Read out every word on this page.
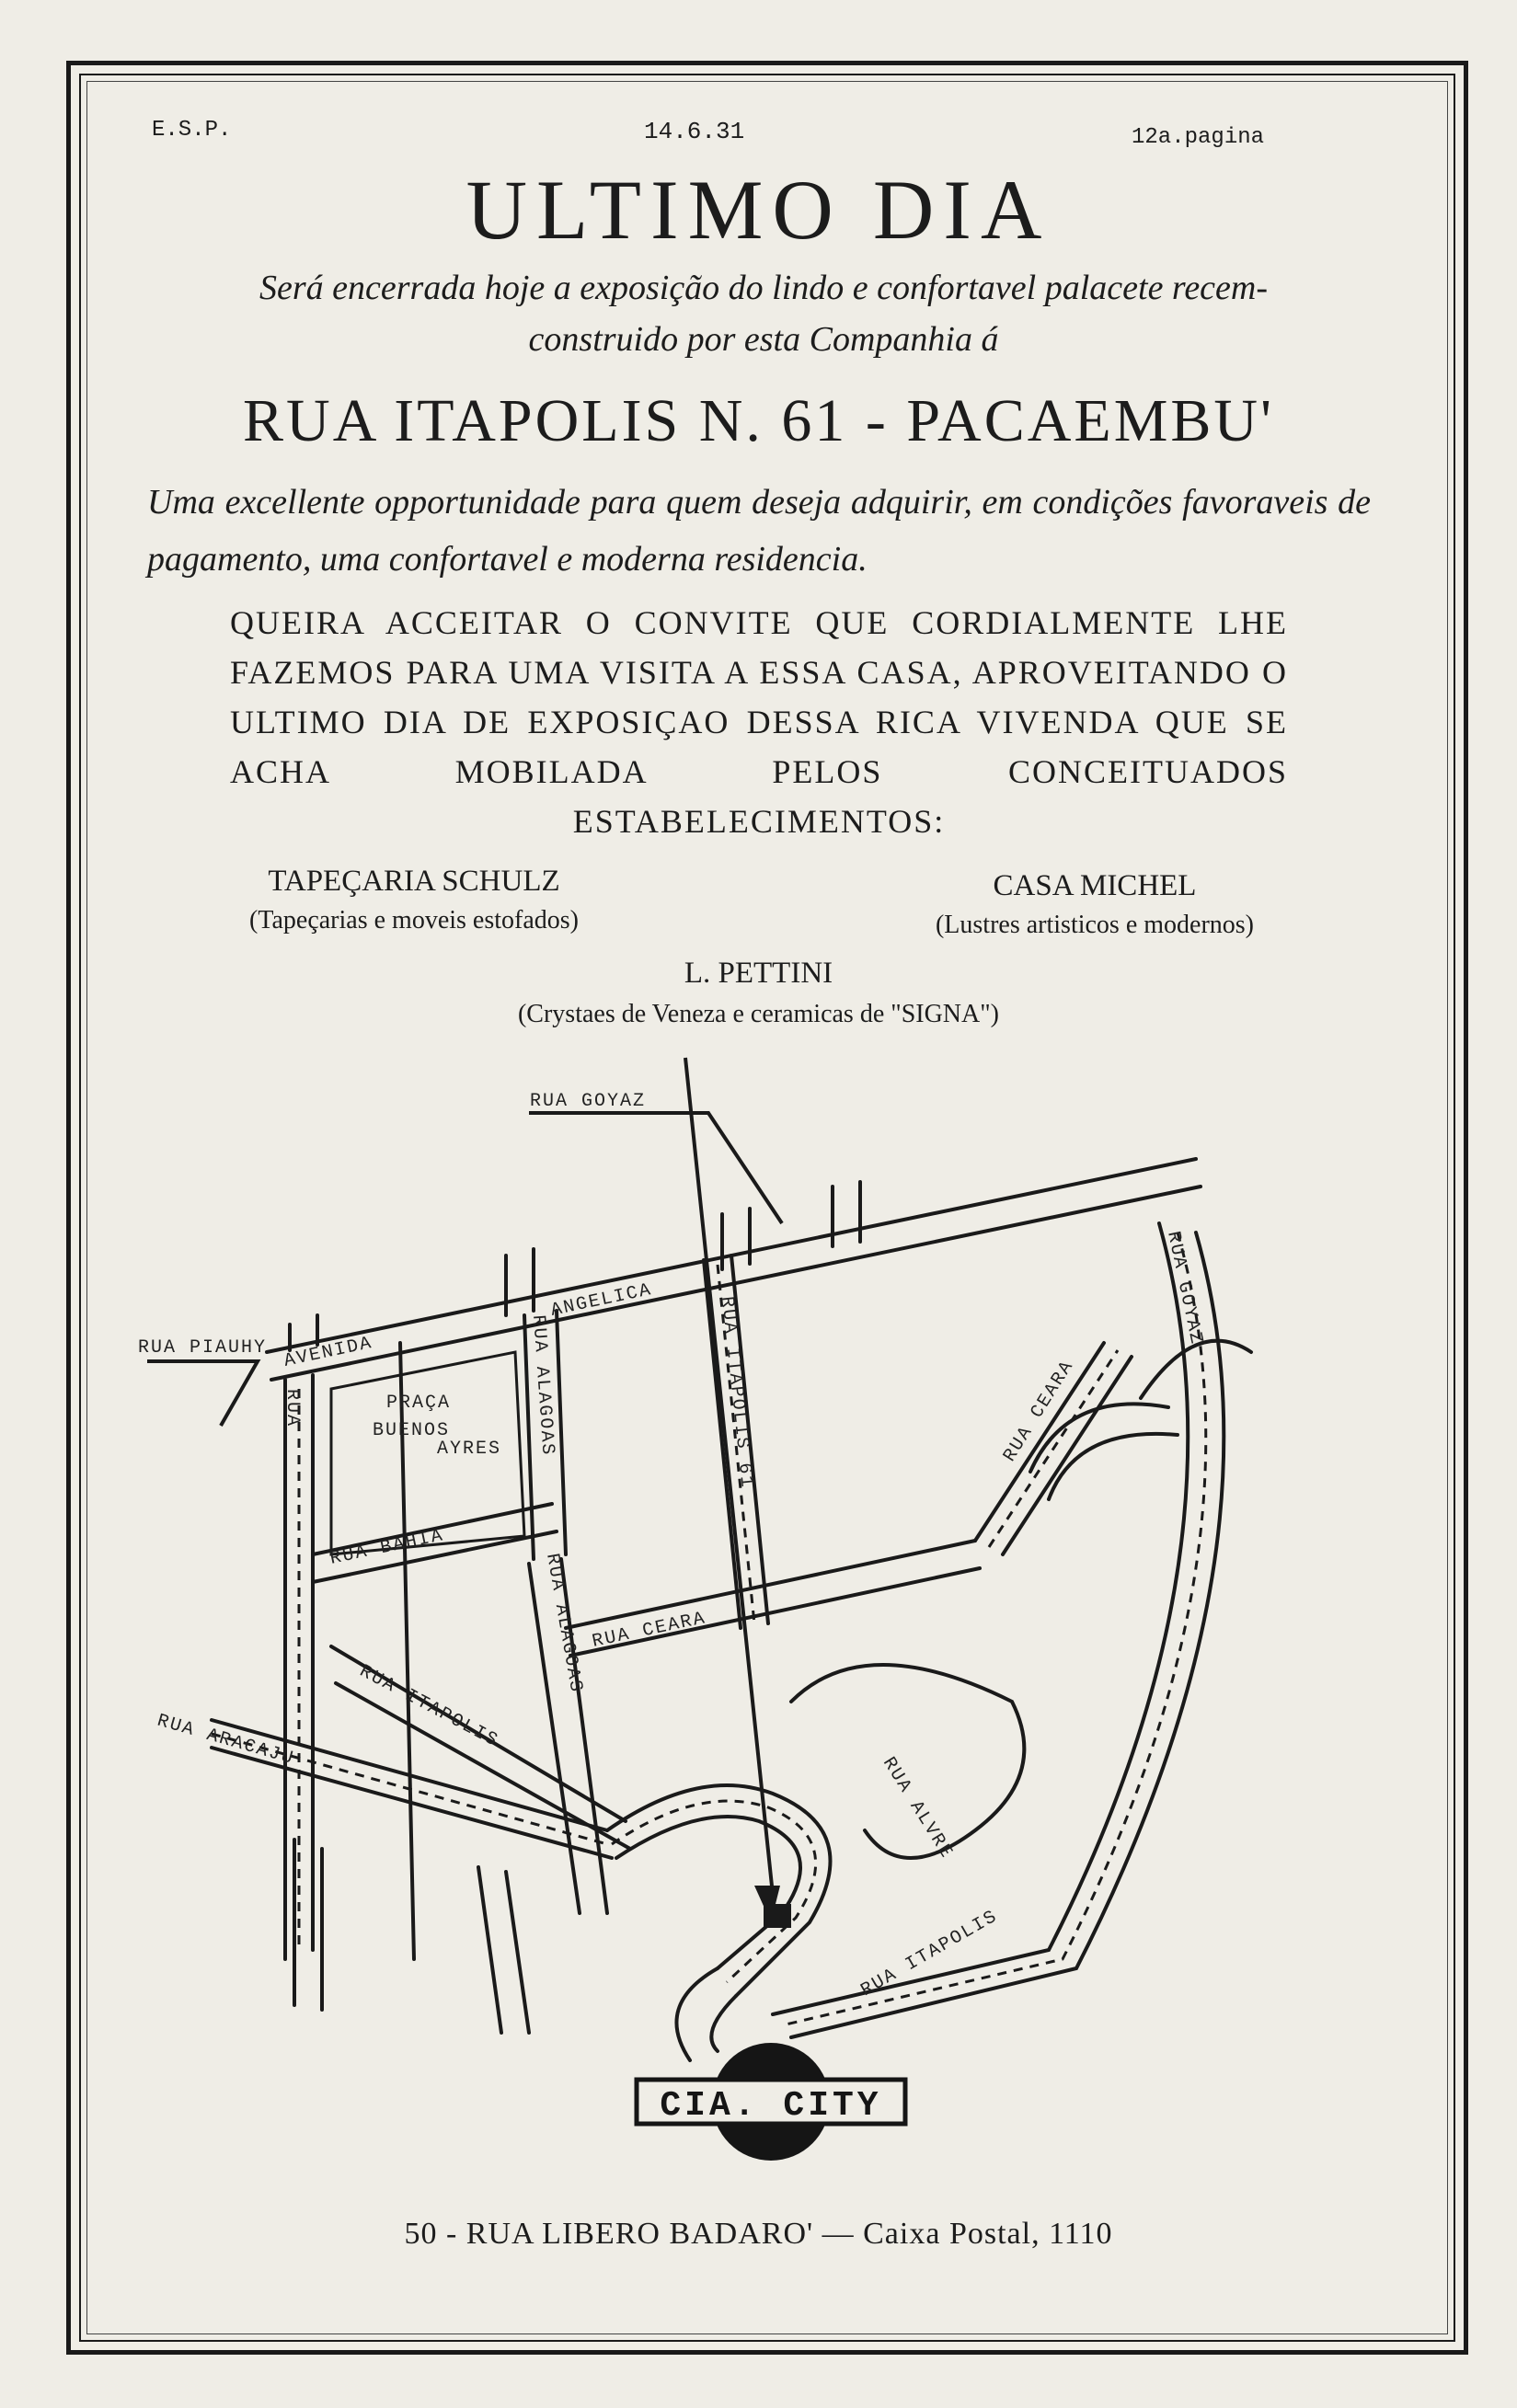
E.S.P.	14.6.31	12a.pagina
ULTIMO DIA
Será encerrada hoje a exposição do lindo e confortavel palacete recem-construido por esta Companhia á
RUA ITAPOLIS N. 61 - PACAEMBU'
Uma excellente opportunidade para quem deseja adquirir, em condições favoraveis de pagamento, uma confortavel e moderna residencia.
QUEIRA ACCEITAR O CONVITE QUE CORDIALMENTE LHE FAZEMOS PARA UMA VISITA A ESSA CASA, APROVEITANDO O ULTIMO DIA DE EXPOSIÇAO DESSA RICA VIVENDA QUE SE ACHA MOBILADA PELOS CONCEITUADOS ESTABELECIMENTOS:
TAPEÇARIA SCHULZ
(Tapeçarias e moveis estofados)
CASA MICHEL
(Lustres artisticos e modernos)
L. PETTINI
(Crystaes de Veneza e ceramicas de "SIGNA")
RUA GOYAZ
RUA PIAUHY AVENIDA
ANGELICA
PRAÇA
BUENOS
AYRES	RUA ITAPOLIS 61
RUA BAHIA
RUA CEARA
RUA CEARA
RUA GOYAZ
RUA ARACAJU
RUA ITAPOLIS
RUA ITAPOLIS
RUA ALAGOAS
RUA ALAGOAS
RUA ALVRE
RUA
CIA. CITY
50 - RUA LIBERO BADARO' — Caixa Postal, 1110
